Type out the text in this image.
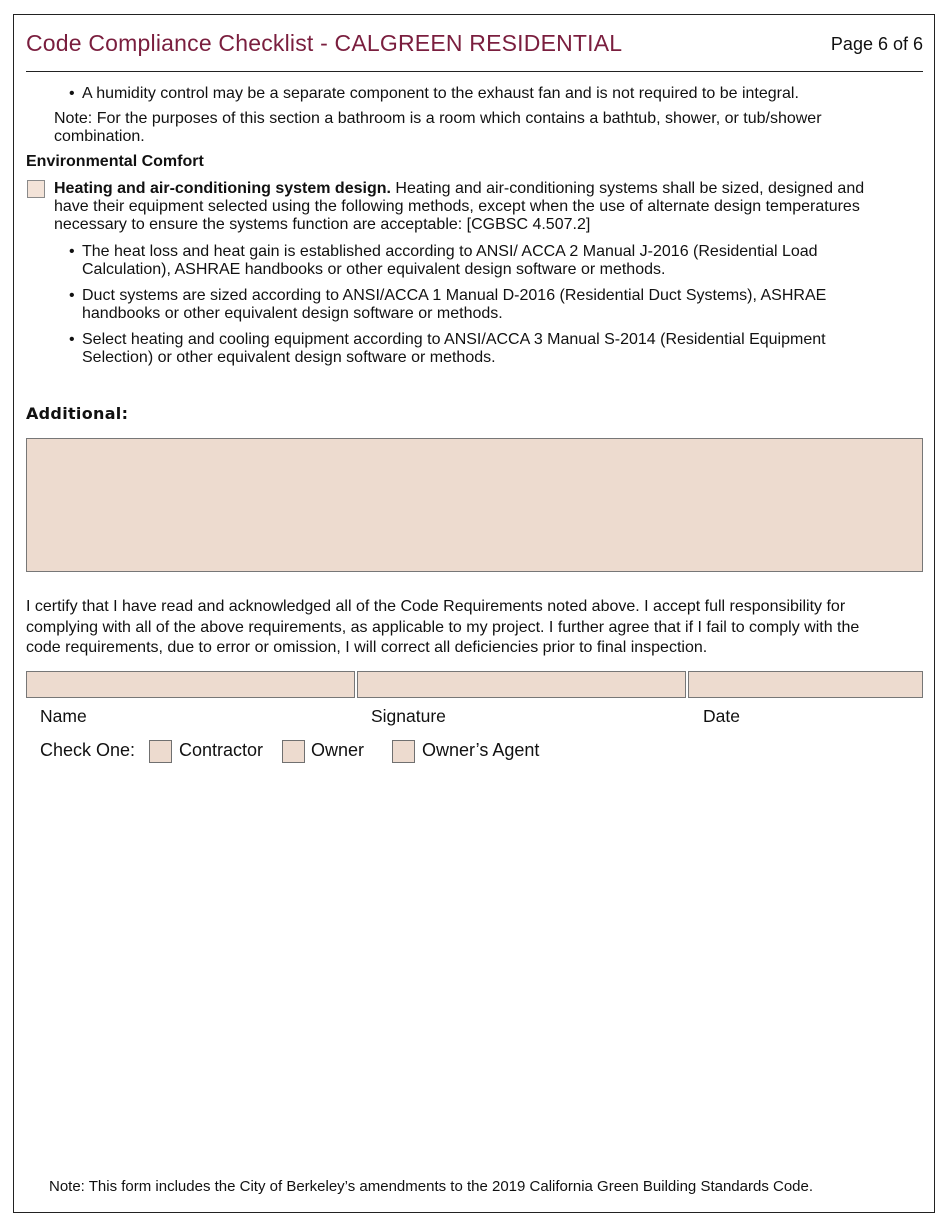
Code Compliance Checklist - CALGREEN RESIDENTIAL	Page 6 of 6
• A humidity control may be a separate component to the exhaust fan and is not required to be integral.
Note: For the purposes of this section a bathroom is a room which contains a bathtub, shower, or tub/shower
combination.
Environmental Comfort
Heating and air-conditioning system design. Heating and air-conditioning systems shall be sized, designed and
have their equipment selected using the following methods, except when the use of alternate design temperatures
necessary to ensure the systems function are acceptable: [CGBSC 4.507.2]
• The heat loss and heat gain is established according to ANSI/ ACCA 2 Manual J-2016 (Residential Load
Calculation), ASHRAE handbooks or other equivalent design software or methods.
• Duct systems are sized according to ANSI/ACCA 1 Manual D-2016 (Residential Duct Systems), ASHRAE
handbooks or other equivalent design software or methods.
• Select heating and cooling equipment according to ANSI/ACCA 3 Manual S-2014 (Residential Equipment
Selection) or other equivalent design software or methods.
Additional:
I certify that I have read and acknowledged all of the Code Requirements noted above. I accept full responsibility for
complying with all of the above requirements, as applicable to my project. I further agree that if I fail to comply with the
code requirements, due to error or omission, I will correct all deficiencies prior to final inspection.
Name	Signature	Date
Check One: Contractor	Owner	Owner’s Agent
Note: This form includes the City of Berkeley’s amendments to the 2019 California Green Building Standards Code.
